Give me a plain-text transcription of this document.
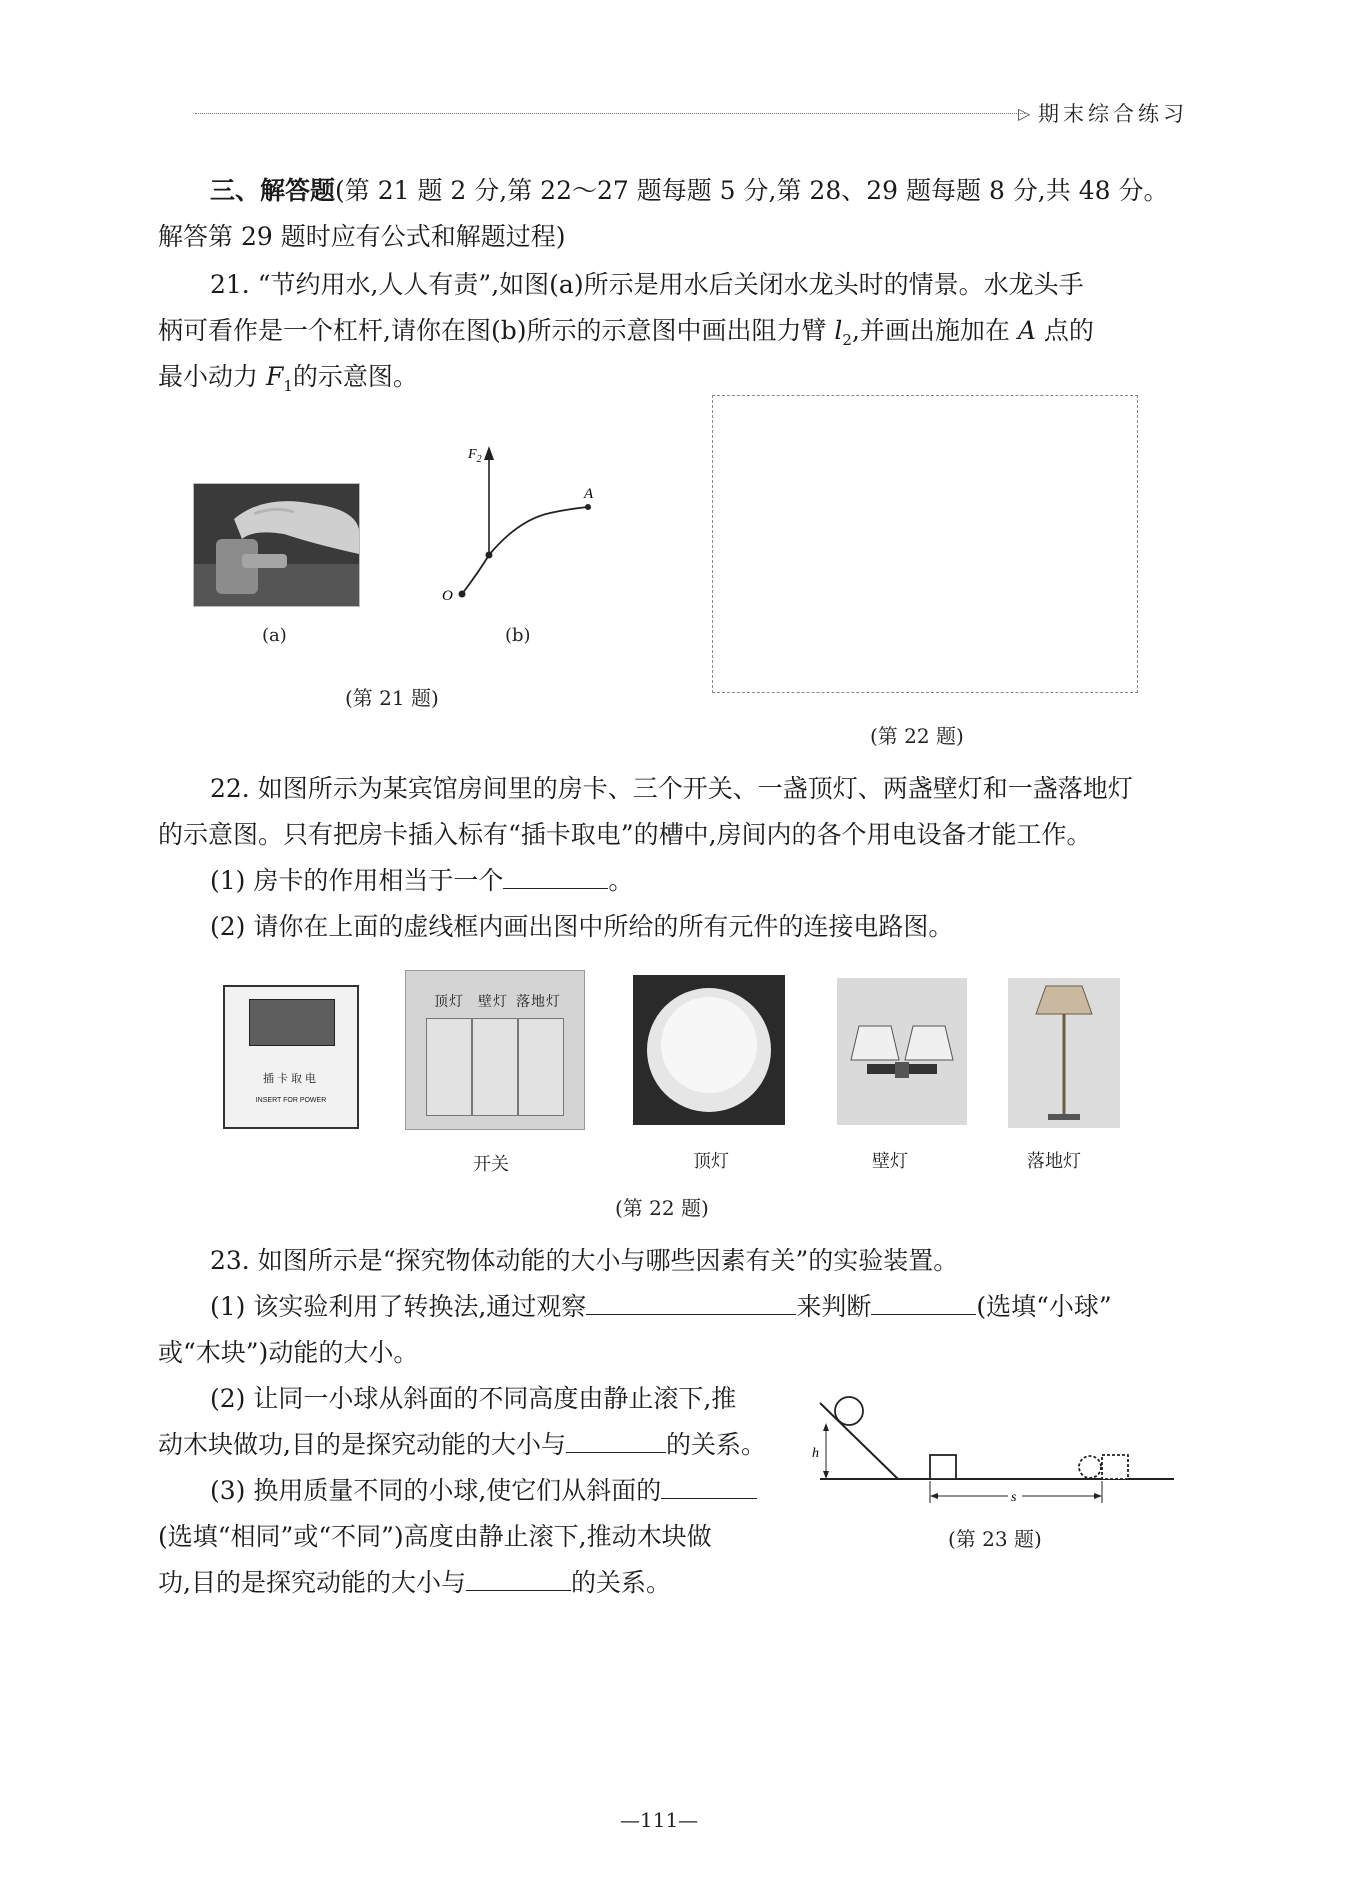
▷ 期末综合练习
三、解答题(第 21 题 2 分,第 22～27 题每题 5 分,第 28、29 题每题 8 分,共 48 分。
解答第 29 题时应有公式和解题过程)
21. “节约用水,人人有责”,如图(a)所示是用水后关闭水龙头时的情景。水龙头手
柄可看作是一个杠杆,请你在图(b)所示的示意图中画出阻力臂 $l_2$,并画出施加在 A 点的
最小动力 $F_1$的示意图。
(a)
$F_2$
A
O
(b)
(第 21 题)
(第 22 题)
22. 如图所示为某宾馆房间里的房卡、三个开关、一盏顶灯、两盏壁灯和一盏落地灯
的示意图。只有把房卡插入标有“插卡取电”的槽中,房间内的各个用电设备才能工作。
(1) 房卡的作用相当于一个	。
(2) 请你在上面的虚线框内画出图中所给的所有元件的连接电路图。
插卡取电
INSERT FOR POWER
顶灯 壁灯 落地灯
开关	顶灯	壁灯	落地灯
(第 22 题)
23. 如图所示是“探究物体动能的大小与哪些因素有关”的实验装置。
(1) 该实验利用了转换法,通过观察	来判断	(选填“小球”
或“木块”)动能的大小。
(2) 让同一小球从斜面的不同高度由静止滚下,推
动木块做功,目的是探究动能的大小与	的关系。
(3) 换用质量不同的小球,使它们从斜面的
(选填“相同”或“不同”)高度由静止滚下,推动木块做
功,目的是探究动能的大小与	的关系。
h
s
(第 23 题)
—111—
